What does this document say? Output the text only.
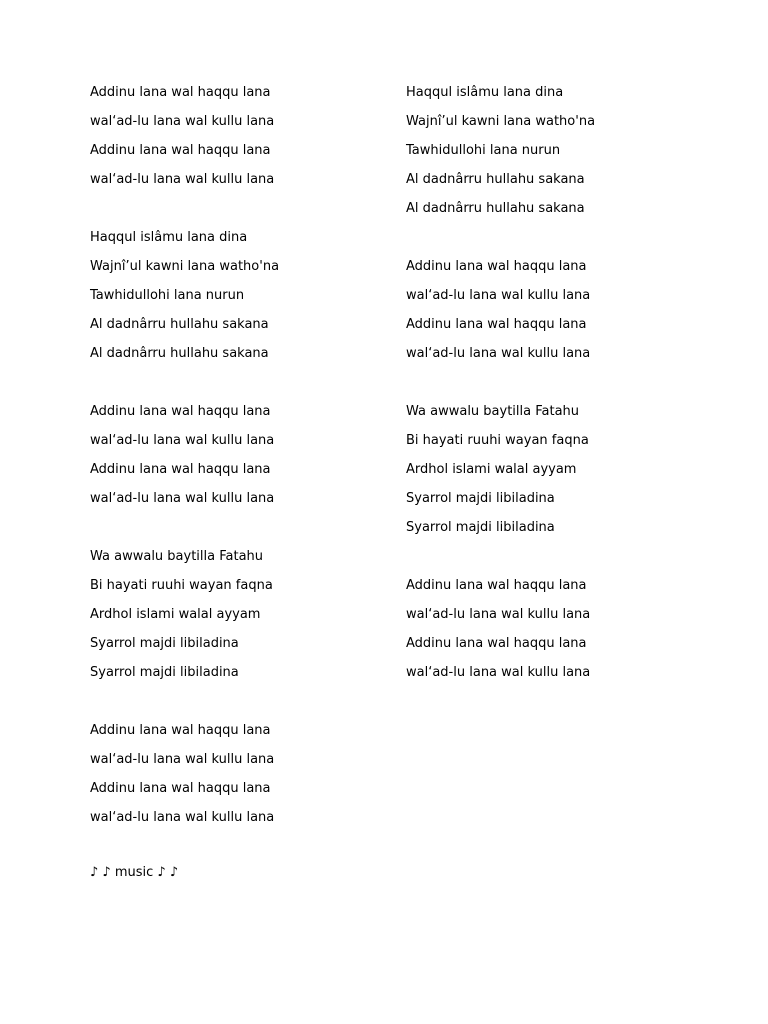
Addinu lana wal haqqu lana
wal‘ad-lu lana wal kullu lana
Addinu lana wal haqqu lana
wal‘ad-lu lana wal kullu lana
Haqqul islâmu lana dina
Wajnî’ul kawni lana watho'na
Tawhidullohi lana nurun
Al dadnârru hullahu sakana
Al dadnârru hullahu sakana
Addinu lana wal haqqu lana
wal‘ad-lu lana wal kullu lana
Addinu lana wal haqqu lana
wal‘ad-lu lana wal kullu lana
Wa awwalu baytilla Fatahu
Bi hayati ruuhi wayan faqna
Ardhol islami walal ayyam
Syarrol majdi libiladina
Syarrol majdi libiladina
Addinu lana wal haqqu lana
wal‘ad-lu lana wal kullu lana
Addinu lana wal haqqu lana
wal‘ad-lu lana wal kullu lana
Haqqul islâmu lana dina
Wajnî’ul kawni lana watho'na
Tawhidullohi lana nurun
Al dadnârru hullahu sakana
Al dadnârru hullahu sakana
Addinu lana wal haqqu lana
wal‘ad-lu lana wal kullu lana
Addinu lana wal haqqu lana
wal‘ad-lu lana wal kullu lana
Wa awwalu baytilla Fatahu
Bi hayati ruuhi wayan faqna
Ardhol islami walal ayyam
Syarrol majdi libiladina
Syarrol majdi libiladina
Addinu lana wal haqqu lana
wal‘ad-lu lana wal kullu lana
Addinu lana wal haqqu lana
wal‘ad-lu lana wal kullu lana
♪ ♪ music ♪ ♪
